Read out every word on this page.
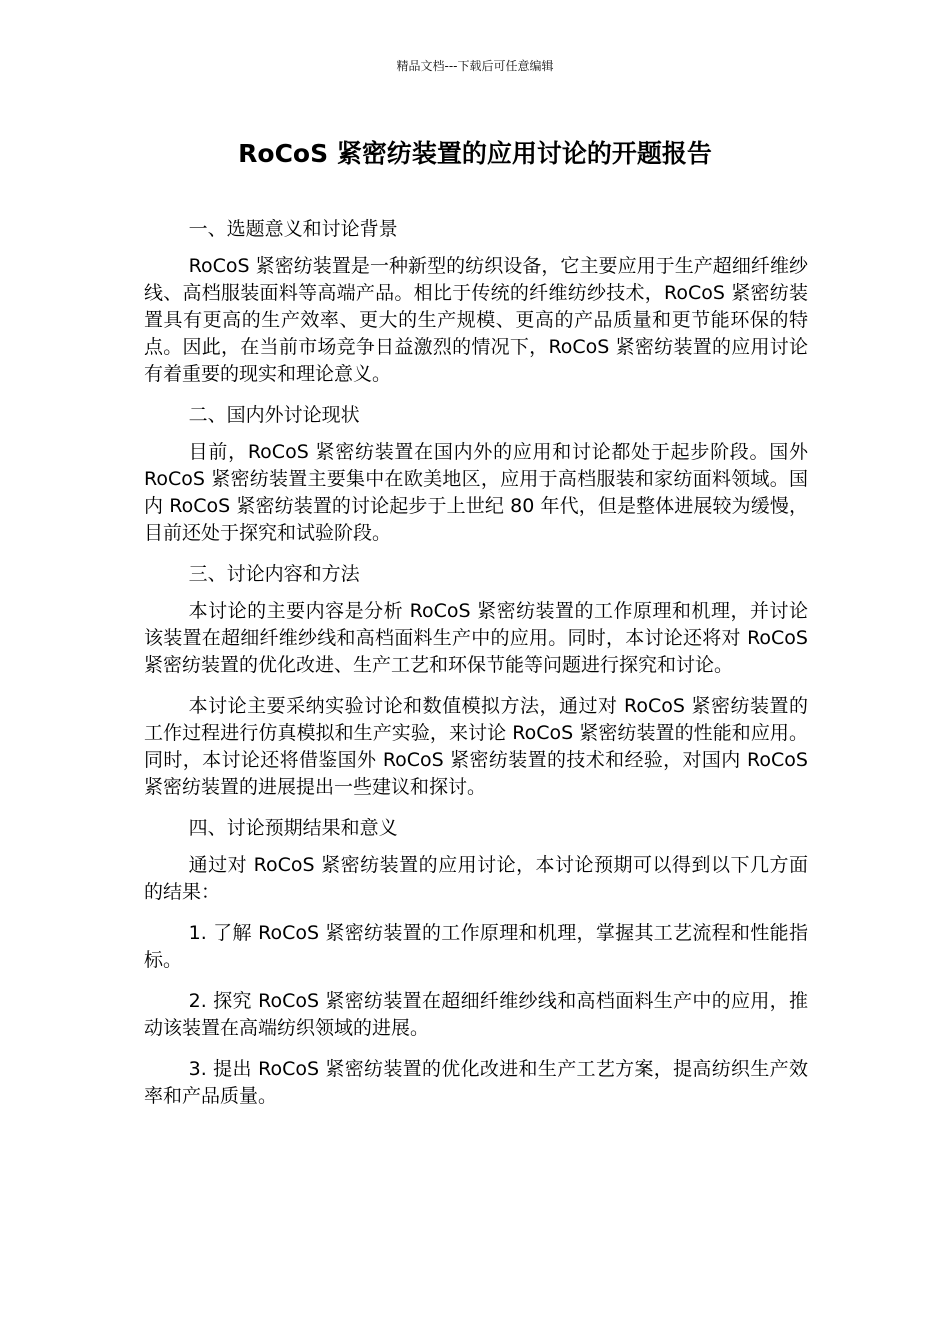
精品文档---下载后可任意编辑
RoCoS 紧密纺装置的应用讨论的开题报告

一、选题意义和讨论背景

RoCoS 紧密纺装置是一种新型的纺织设备，它主要应用于生产超细纤维纱线、高档服装面料等高端产品。相比于传统的纤维纺纱技术，RoCoS 紧密纺装置具有更高的生产效率、更大的生产规模、更高的产品质量和更节能环保的特点。因此，在当前市场竞争日益激烈的情况下，RoCoS 紧密纺装置的应用讨论有着重要的现实和理论意义。

二、国内外讨论现状

目前，RoCoS 紧密纺装置在国内外的应用和讨论都处于起步阶段。国外 RoCoS 紧密纺装置主要集中在欧美地区，应用于高档服装和家纺面料领域。国内 RoCoS 紧密纺装置的讨论起步于上世纪 80 年代，但是整体进展较为缓慢，目前还处于探究和试验阶段。

三、讨论内容和方法

本讨论的主要内容是分析 RoCoS 紧密纺装置的工作原理和机理，并讨论该装置在超细纤维纱线和高档面料生产中的应用。同时，本讨论还将对 RoCoS 紧密纺装置的优化改进、生产工艺和环保节能等问题进行探究和讨论。

本讨论主要采纳实验讨论和数值模拟方法，通过对 RoCoS 紧密纺装置的工作过程进行仿真模拟和生产实验，来讨论 RoCoS 紧密纺装置的性能和应用。同时，本讨论还将借鉴国外 RoCoS 紧密纺装置的技术和经验，对国内 RoCoS 紧密纺装置的进展提出一些建议和探讨。

四、讨论预期结果和意义

通过对 RoCoS 紧密纺装置的应用讨论，本讨论预期可以得到以下几方面的结果：

1. 了解 RoCoS 紧密纺装置的工作原理和机理，掌握其工艺流程和性能指标。

2. 探究 RoCoS 紧密纺装置在超细纤维纱线和高档面料生产中的应用，推动该装置在高端纺织领域的进展。

3. 提出 RoCoS 紧密纺装置的优化改进和生产工艺方案，提高纺织生产效率和产品质量。
